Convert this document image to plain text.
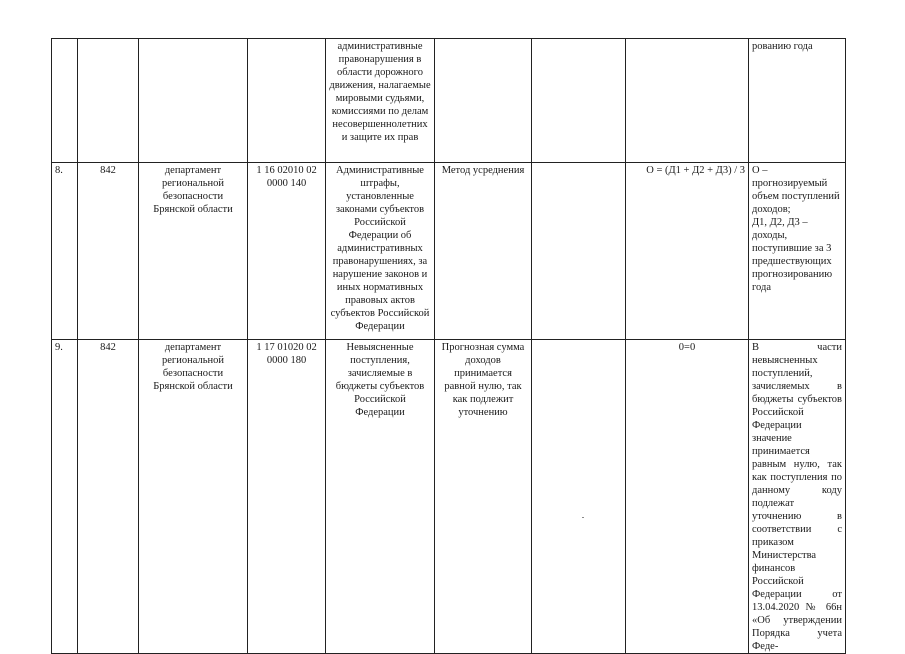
				административные правонарушения в области дорожного движения, налагаемые мировыми судьями, комиссиями по делам несовершеннолетних и защите их прав				рованию года
8.	842	департамент региональной безопасности Брянской области	1 16 02010 02 0000 140	Административные штрафы, установленные законами субъектов Российской Федерации об административных правонарушениях, за нарушение законов и иных нормативных правовых актов субъектов Российской Федерации	Метод усреднения		О = (Д1 + Д2 + Д3) / 3	О – прогнозируемый объем поступлений доходов;
Д1, Д2, Д3 – доходы, поступившие за 3 предшествующих прогнозированию года
9.	842	департамент региональной безопасности Брянской области	1 17 01020 02 0000 180	Невыясненные поступления, зачисляемые в бюджеты субъектов Российской Федерации	Прогнозная сумма доходов принимается равной нулю, так как подлежит уточнению		0=0	В части невыясненных поступлений, зачисляемых в бюджеты субъектов Российской Федерации значение принимается равным нулю, так как поступления по данному коду подлежат уточнению в соответствии с приказом Министерства финансов Российской Федерации от 13.04.2020 № 66н «Об утверждении Порядка учета Феде-
